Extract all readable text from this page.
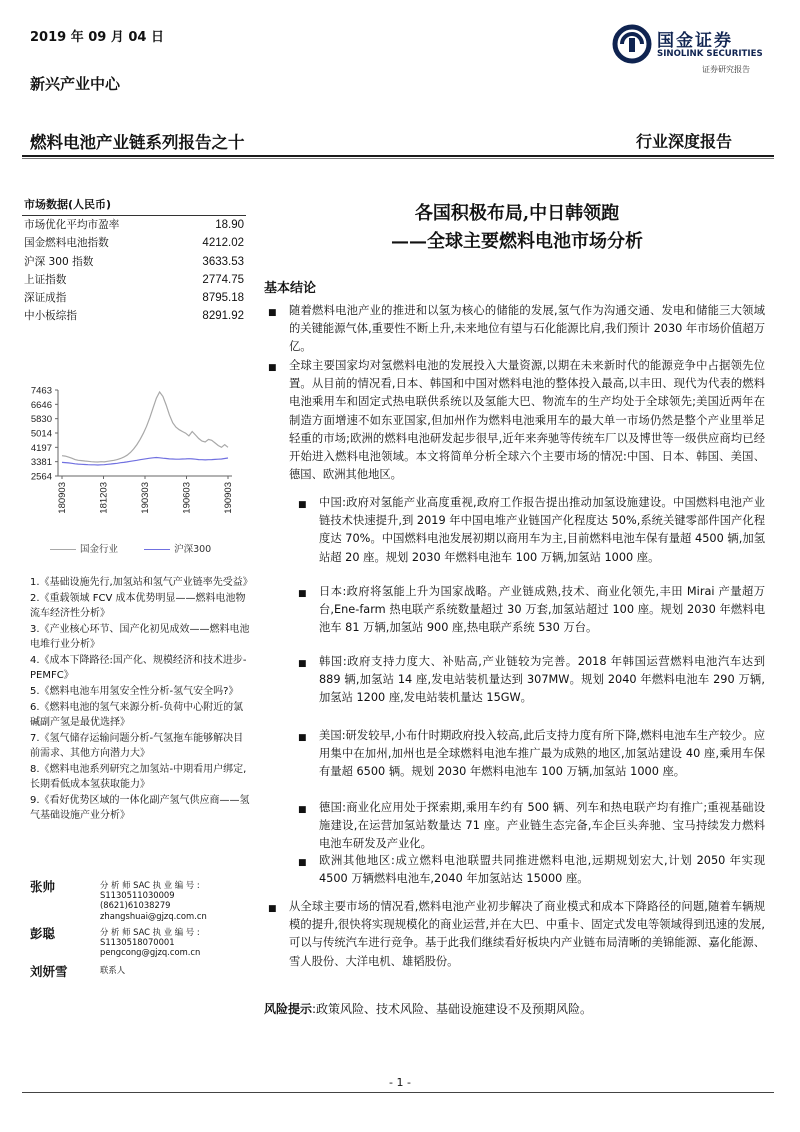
2019 年 09 月 04 日
新兴产业中心
国金证券
SINOLINK SECURITIES
证券研究报告
燃料电池产业链系列报告之十	行业深度报告
市场数据(人民币)
市场优化平均市盈率	18.90
国金燃料电池指数	4212.02
沪深 300 指数	3633.53
上证指数	2774.75
深证成指	8795.18
中小板综指	8291.92
7463
6646
5830
5014
4197
3381
2564
180903	181203	190303	190603	190903
国金行业	沪深300
1.《基础设施先行,加氢站和氢气产业链率先受益》
2.《重载领域 FCV 成本优势明显——燃料电池物流车经济性分析》
3.《产业核心环节、国产化初见成效——燃料电池电堆行业分析》
4.《成本下降路径:国产化、规模经济和技术进步-PEMFC》
5.《燃料电池车用氢安全性分析-氢气安全吗?》
6.《燃料电池的氢气来源分析-负荷中心附近的氯碱副产氢是最优选择》
7.《氢气储存运输问题分析-气氢拖车能够解决目前需求、其他方向潜力大》
8.《燃料电池系列研究之加氢站-中期看用户绑定,长期看低成本氢获取能力》
9.《看好优势区域的一体化副产氢气供应商——氢气基础设施产业分析》
张帅	分 析 师 SAC 执 业 编 号 :
S1130511030009
(8621)61038279
zhangshuai@gjzq.com.cn
彭聪	分 析 师 SAC 执 业 编 号 :
S1130518070001
pengcong@gjzq.com.cn
刘妍雪	联系人
各国积极布局,中日韩领跑
——全球主要燃料电池市场分析
基本结论
■ 随着燃料电池产业的推进和以氢为核心的储能的发展,氢气作为沟通交通、发电和储能三大领域的关键能源气体,重要性不断上升,未来地位有望与石化能源比肩,我们预计 2030 年市场价值超万亿。
■ 全球主要国家均对氢燃料电池的发展投入大量资源,以期在未来新时代的能源竞争中占据领先位置。从目前的情况看,日本、韩国和中国对燃料电池的整体投入最高,以丰田、现代为代表的燃料电池乘用车和固定式热电联供系统以及氢能大巴、物流车的生产均处于全球领先;美国近两年在制造方面增速不如东亚国家,但加州作为燃料电池乘用车的最大单一市场仍然是整个产业里举足轻重的市场;欧洲的燃料电池研发起步很早,近年来奔驰等传统车厂以及博世等一级供应商均已经开始进入燃料电池领域。本文将简单分析全球六个主要市场的情况:中国、日本、韩国、美国、德国、欧洲其他地区。
■ 中国:政府对氢能产业高度重视,政府工作报告提出推动加氢设施建设。中国燃料电池产业链技术快速提升,到 2019 年中国电堆产业链国产化程度达 50%,系统关键零部件国产化程度达 70%。中国燃料电池发展初期以商用车为主,目前燃料电池车保有量超 4500 辆,加氢站超 20 座。规划 2030 年燃料电池车 100 万辆,加氢站 1000 座。
■ 日本:政府将氢能上升为国家战略。产业链成熟,技术、商业化领先,丰田 Mirai 产量超万台,Ene-farm 热电联产系统数量超过 30 万套,加氢站超过 100 座。规划 2030 年燃料电池车 81 万辆,加氢站 900 座,热电联产系统 530 万台。
■ 韩国:政府支持力度大、补贴高,产业链较为完善。2018 年韩国运营燃料电池汽车达到 889 辆,加氢站 14 座,发电站装机量达到 307MW。规划 2040 年燃料电池车 290 万辆,加氢站 1200 座,发电站装机量达 15GW。
■ 美国:研发较早,小布什时期政府投入较高,此后支持力度有所下降,燃料电池车生产较少。应用集中在加州,加州也是全球燃料电池车推广最为成熟的地区,加氢站建设 40 座,乘用车保有量超 6500 辆。规划 2030 年燃料电池车 100 万辆,加氢站 1000 座。
■ 德国:商业化应用处于探索期,乘用车约有 500 辆、列车和热电联产均有推广;重视基础设施建设,在运营加氢站数量达 71 座。产业链生态完备,车企巨头奔驰、宝马持续发力燃料电池车研发及产业化。
■ 欧洲其他地区:成立燃料电池联盟共同推进燃料电池,远期规划宏大,计划 2050 年实现 4500 万辆燃料电池车,2040 年加氢站达 15000 座。
■ 从全球主要市场的情况看,燃料电池产业初步解决了商业模式和成本下降路径的问题,随着车辆规模的提升,很快将实现规模化的商业运营,并在大巴、中重卡、固定式发电等领域得到迅速的发展,可以与传统汽车进行竞争。基于此我们继续看好板块内产业链布局清晰的美锦能源、嘉化能源、雪人股份、大洋电机、雄韬股份。
风险提示:政策风险、技术风险、基础设施建设不及预期风险。
- 1 -
